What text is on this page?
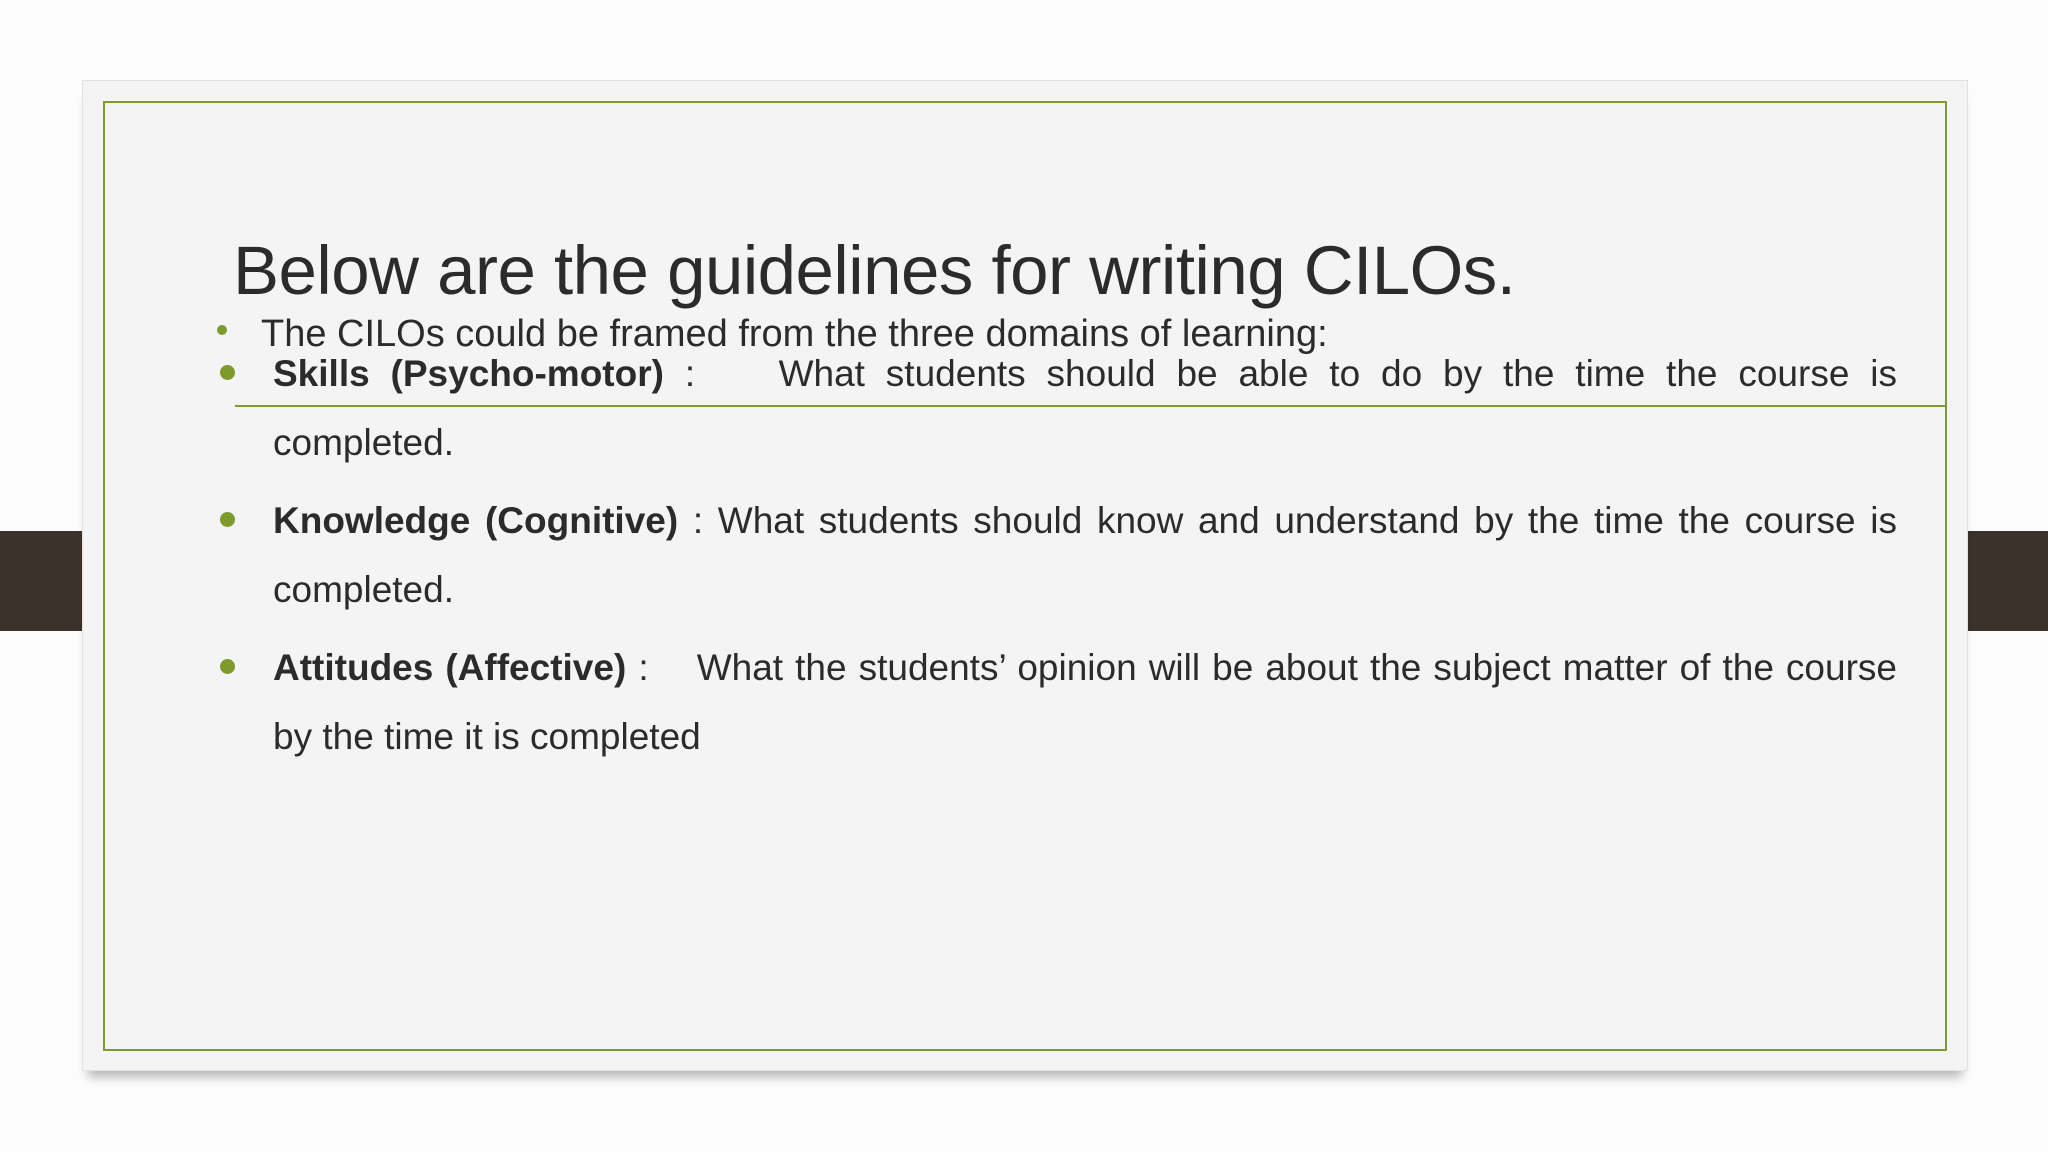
Below are the guidelines for writing CILOs.
The CILOs could be framed from the three domains of learning:
Skills (Psycho-motor) :    What students should be able to do by the time the course is completed.
Knowledge (Cognitive) : What students should know and understand by the time the course is completed.
Attitudes (Affective) :    What the students’ opinion will be about the subject matter of the course by the time it is completed
